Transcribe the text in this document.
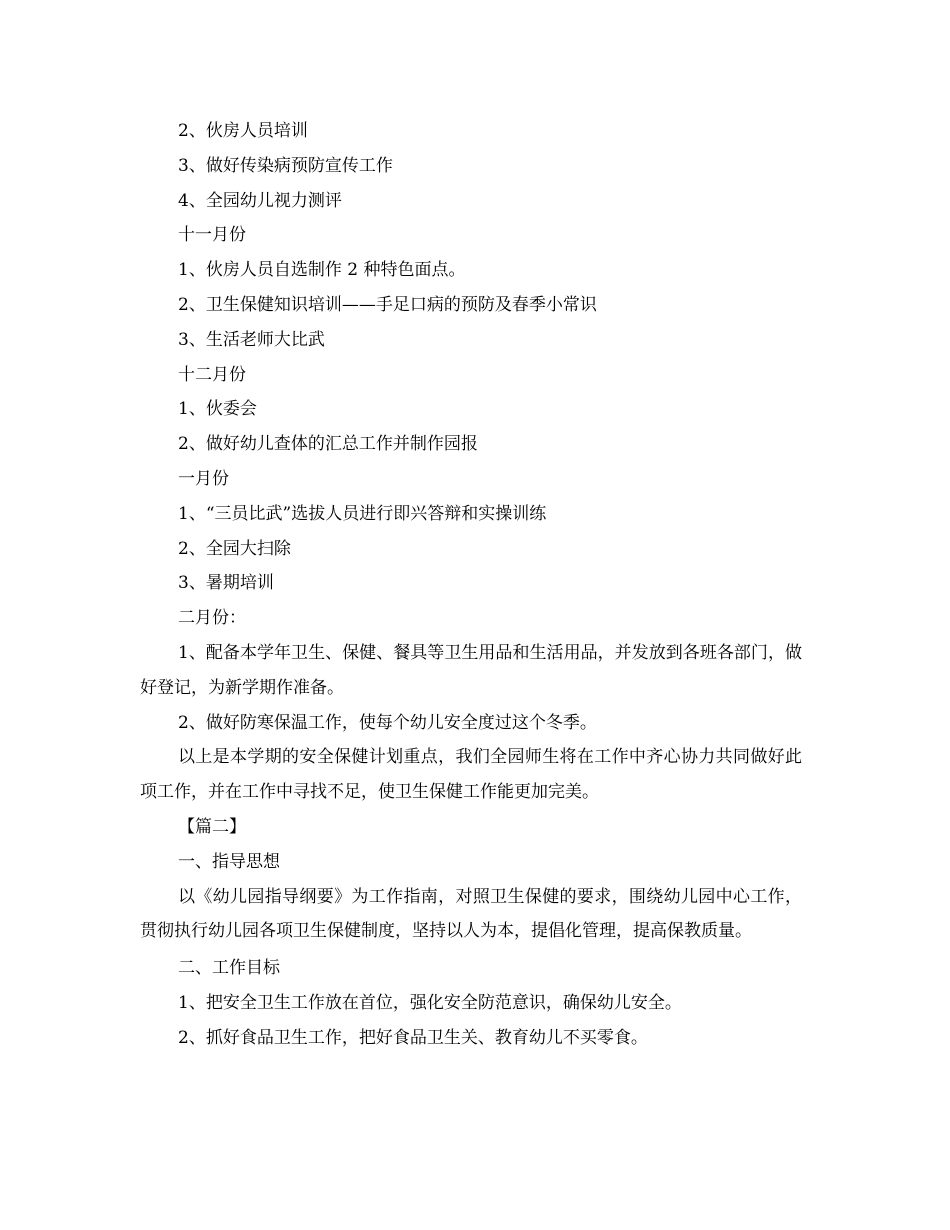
2、伙房人员培训
3、做好传染病预防宣传工作
4、全园幼儿视力测评
十一月份
1、伙房人员自选制作 2 种特色面点。
2、卫生保健知识培训——手足口病的预防及春季小常识
3、生活老师大比武
十二月份
1、伙委会
2、做好幼儿查体的汇总工作并制作园报
一月份
1、“三员比武”选拔人员进行即兴答辩和实操训练
2、全园大扫除
3、暑期培训
二月份：
1、配备本学年卫生、保健、餐具等卫生用品和生活用品，并发放到各班各部门，做好登记，为新学期作准备。
2、做好防寒保温工作，使每个幼儿安全度过这个冬季。
以上是本学期的安全保健计划重点，我们全园师生将在工作中齐心协力共同做好此项工作，并在工作中寻找不足，使卫生保健工作能更加完美。
【篇二】
一、指导思想
以《幼儿园指导纲要》为工作指南，对照卫生保健的要求，围绕幼儿园中心工作，贯彻执行幼儿园各项卫生保健制度，坚持以人为本，提倡化管理，提高保教质量。
二、工作目标
1、把安全卫生工作放在首位，强化安全防范意识，确保幼儿安全。
2、抓好食品卫生工作，把好食品卫生关、教育幼儿不买零食。
